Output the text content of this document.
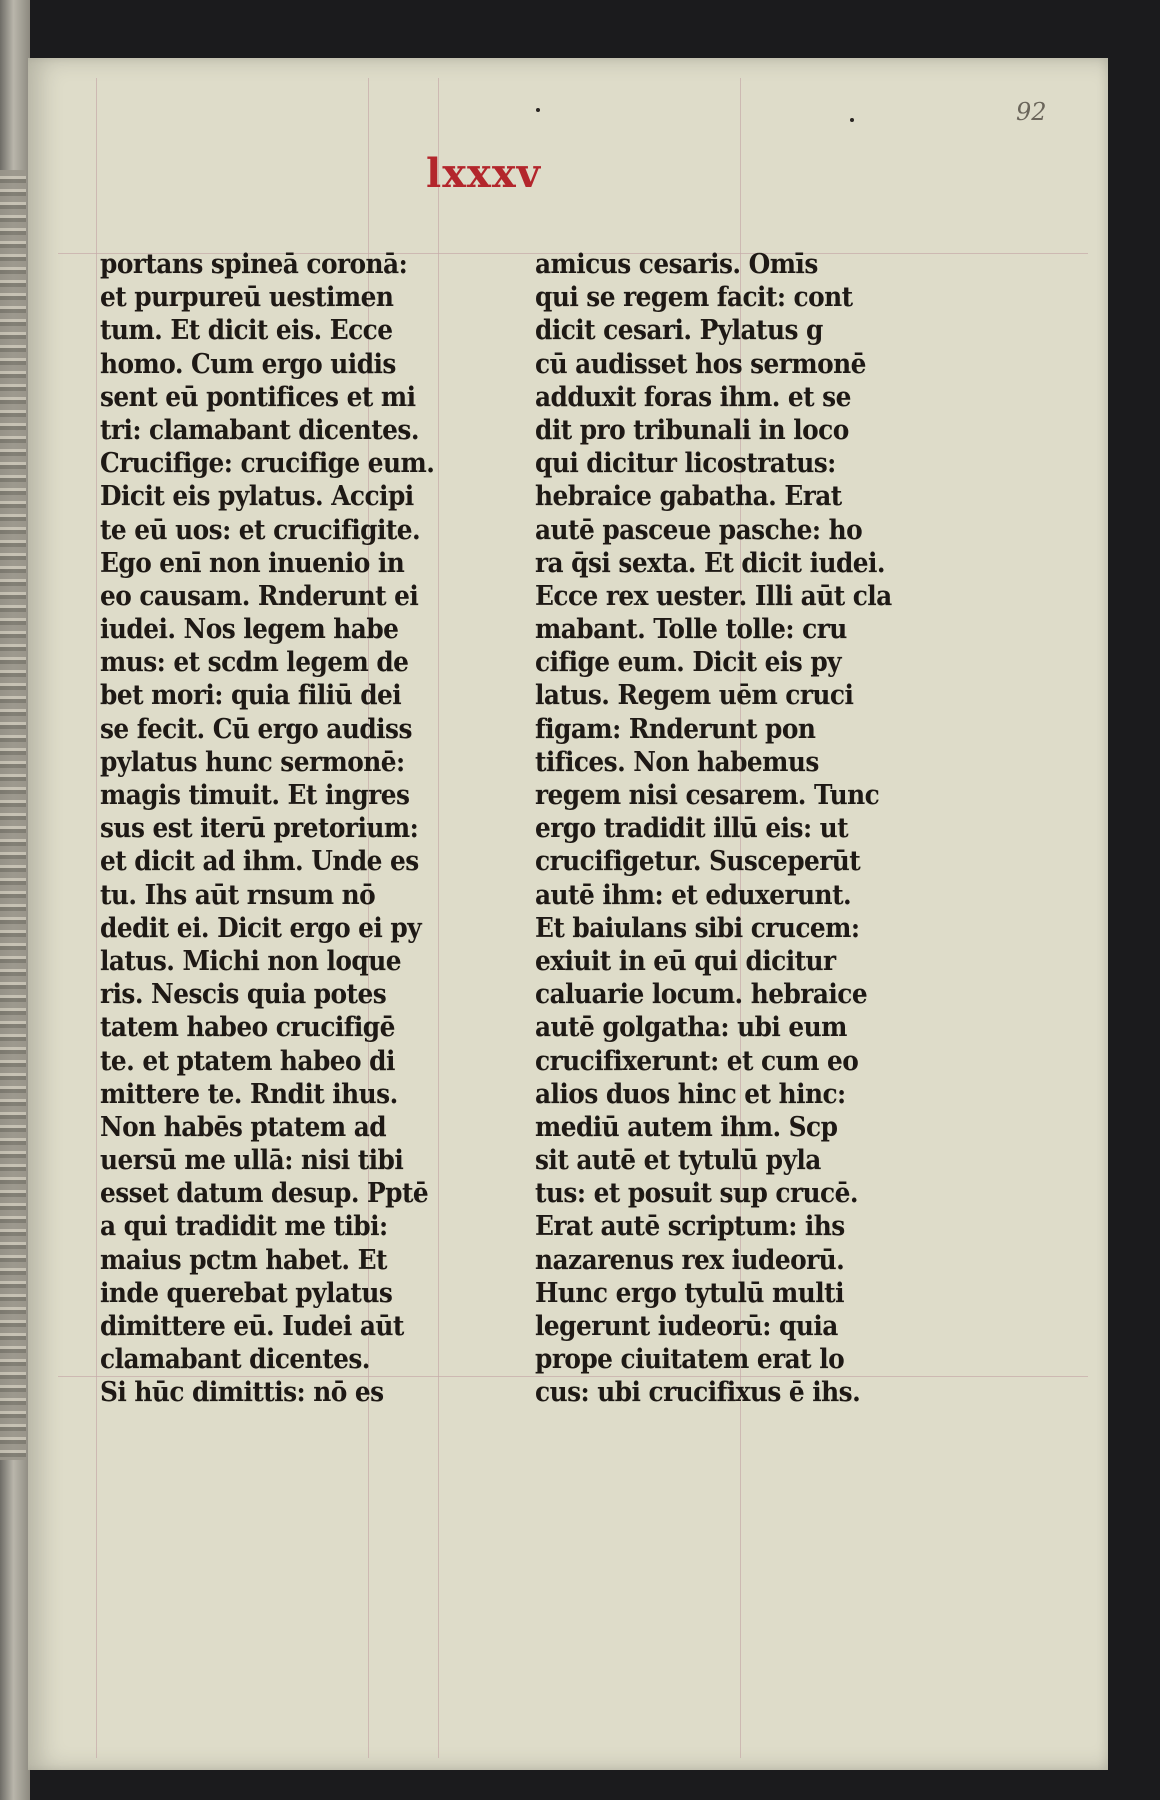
92
lxxxv
portans spineā coronā:
et purpureū uestimen
tum. Et dicit eis. Ecce
homo. Cum ergo uidis
sent eū pontifices et mi
tri: clamabant dicentes.
Crucifige: crucifige eum.
Dicit eis pylatus. Accipi
te eū uos: et crucifigite.
Ego enī non inuenio in
eo causam. Rnderunt ei
iudei. Nos legem habe
mus: et scdm legem de
bet mori: quia filiū dei
se fecit. Cū ergo audiss
pylatus hunc sermonē:
magis timuit. Et ingres
sus est iterū pretorium:
et dicit ad ihm. Unde es
tu. Ihs aūt rnsum nō
dedit ei. Dicit ergo ei py
latus. Michi non loque
ris. Nescis quia potes
tatem habeo crucifigē
te. et ptatem habeo di
mittere te. Rndit ihus.
Non habēs ptatem ad
uersū me ullā: nisi tibi
esset datum desup. Pptē
a qui tradidit me tibi:
maius pctm habet. Et
inde querebat pylatus
dimittere eū. Iudei aūt
clamabant dicentes.
Si hūc dimittis: nō es
amicus cesaris. Omīs
qui se regem facit: cont
dicit cesari. Pylatus g
cū audisset hos sermonē
adduxit foras ihm. et se
dit pro tribunali in loco
qui dicitur licostratus:
hebraice gabatha. Erat
autē pasceue pasche: ho
ra q̄si sexta. Et dicit iudei.
Ecce rex uester. Illi aūt cla
mabant. Tolle tolle: cru
cifige eum. Dicit eis py
latus. Regem uēm cruci
figam: Rnderunt pon
tifices. Non habemus
regem nisi cesarem. Tunc
ergo tradidit illū eis: ut
crucifigetur. Susceperūt
autē ihm: et eduxerunt.
Et baiulans sibi crucem:
exiuit in eū qui dicitur
caluarie locum. hebraice
autē golgatha: ubi eum
crucifixerunt: et cum eo
alios duos hinc et hinc:
mediū autem ihm. Scp
sit autē et tytulū pyla
tus: et posuit sup crucē.
Erat autē scriptum: ihs
nazarenus rex iudeorū.
Hunc ergo tytulū multi
legerunt iudeorū: quia
prope ciuitatem erat lo
cus: ubi crucifixus ē ihs.
